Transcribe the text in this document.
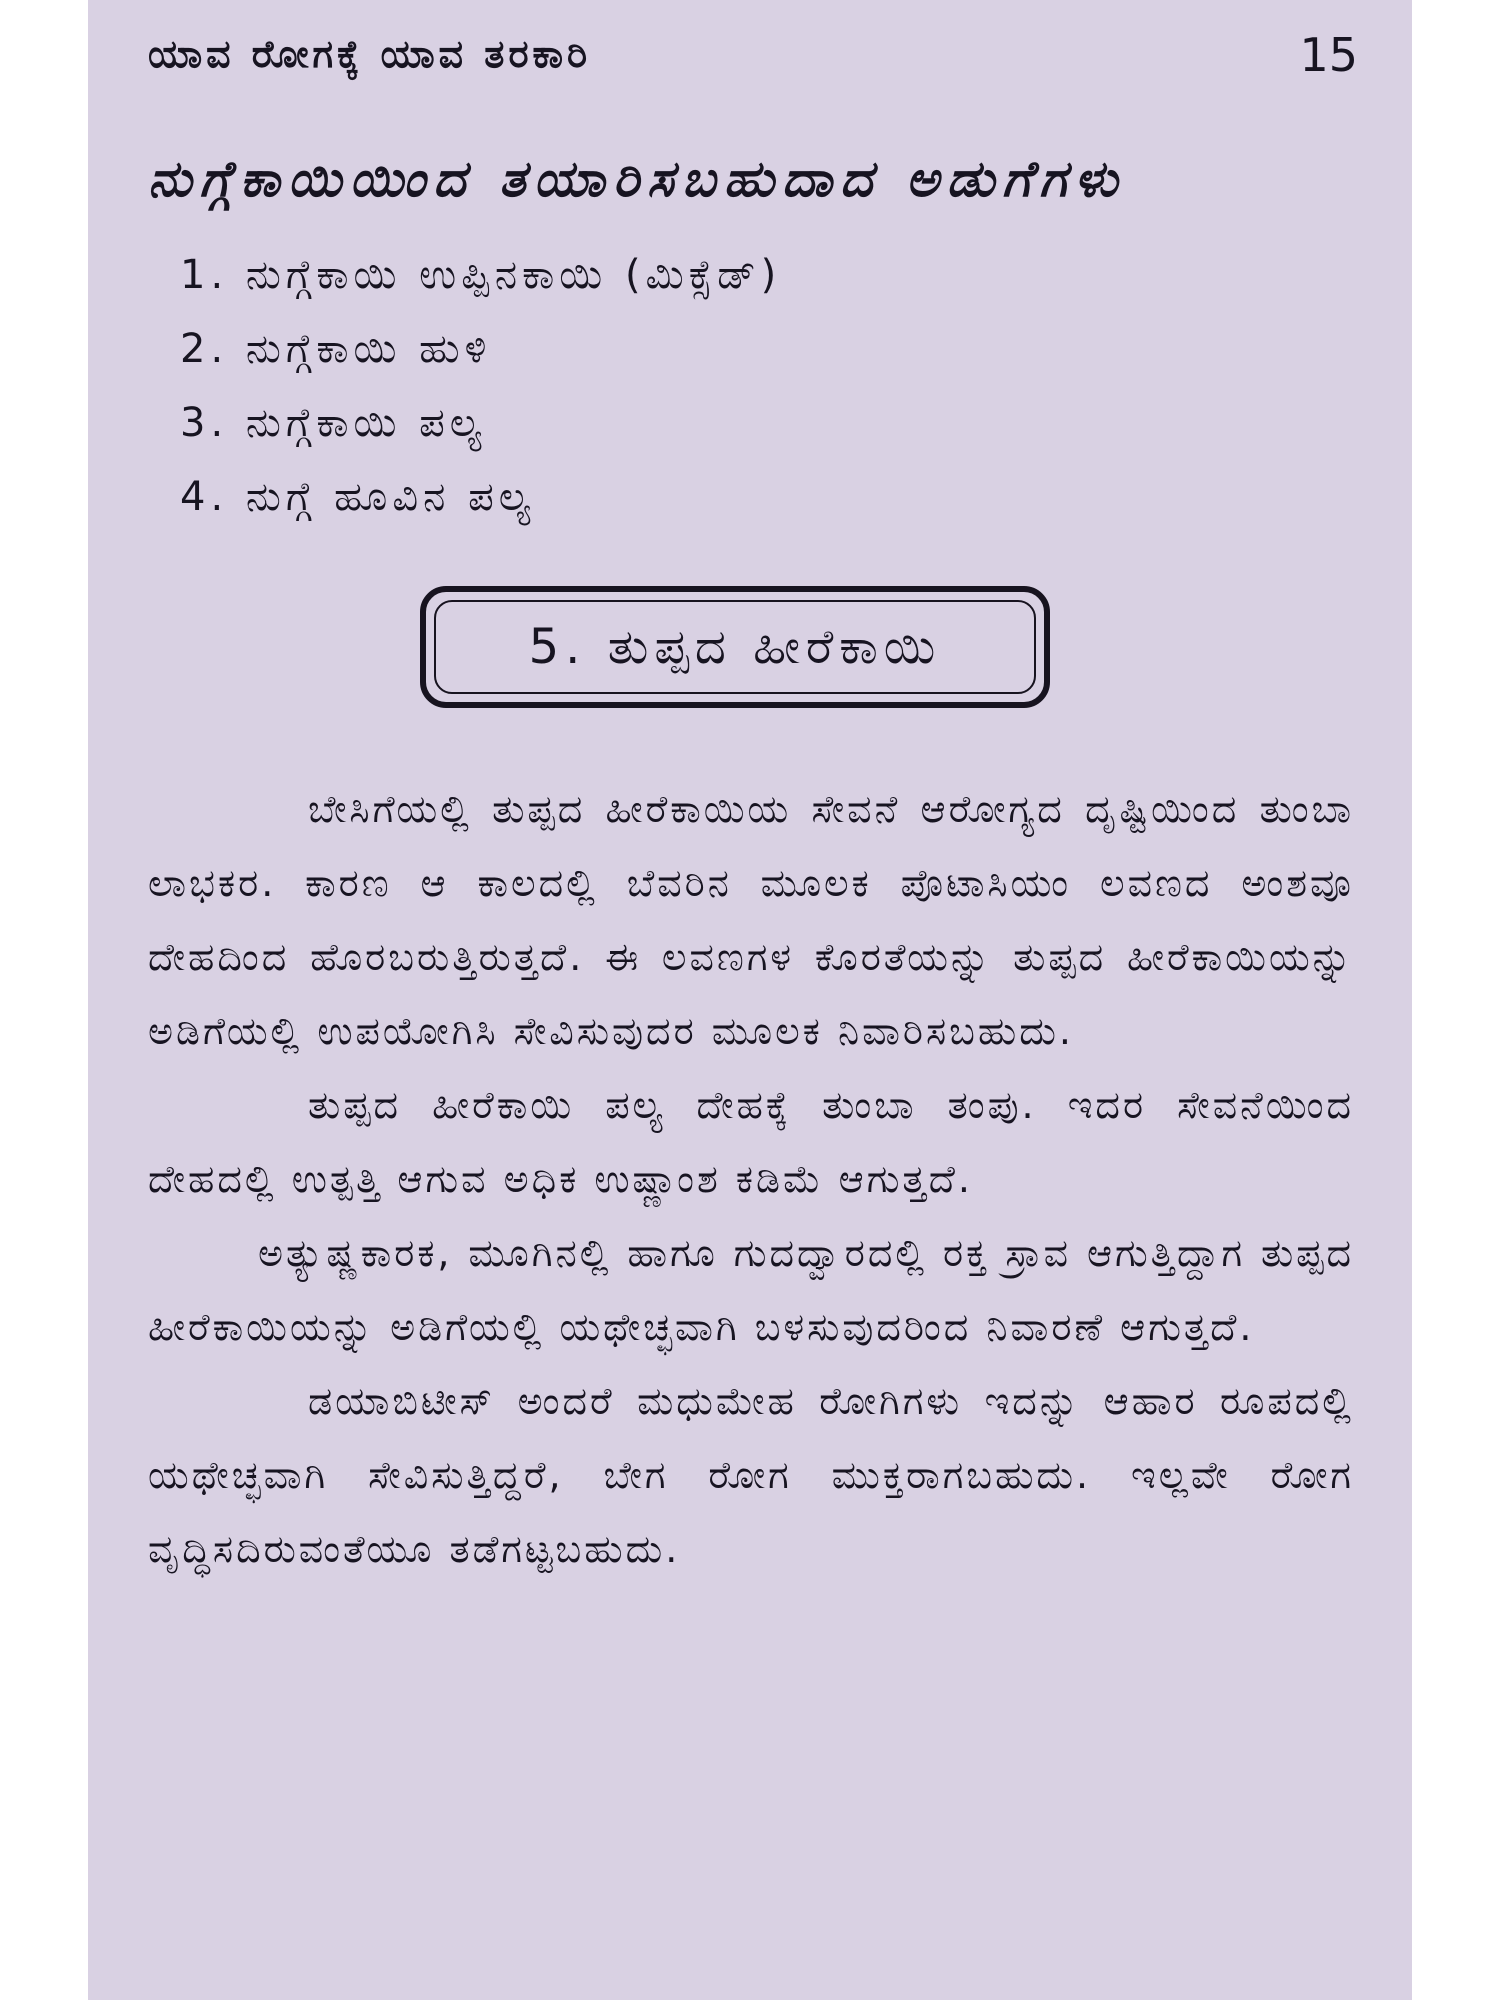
ಯಾವ ರೋಗಕ್ಕೆ ಯಾವ ತರಕಾರಿ	15
ನುಗ್ಗೆಕಾಯಿಯಿಂದ ತಯಾರಿಸಬಹುದಾದ ಅಡುಗೆಗಳು
1. ನುಗ್ಗೆಕಾಯಿ ಉಪ್ಪಿನಕಾಯಿ (ಮಿಕ್ಸೆಡ್)
2. ನುಗ್ಗೆಕಾಯಿ ಹುಳಿ
3. ನುಗ್ಗೆಕಾಯಿ ಪಲ್ಯ
4. ನುಗ್ಗೆ ಹೂವಿನ ಪಲ್ಯ
5. ತುಪ್ಪದ ಹೀರೆಕಾಯಿ

ಬೇಸಿಗೆಯಲ್ಲಿ ತುಪ್ಪದ ಹೀರೆಕಾಯಿಯ ಸೇವನೆ ಆರೋಗ್ಯದ ದೃಷ್ಟಿಯಿಂದ ತುಂಬಾ ಲಾಭಕರ. ಕಾರಣ ಆ ಕಾಲದಲ್ಲಿ ಬೆವರಿನ ಮೂಲಕ ಪೊಟಾಸಿಯಂ ಲವಣದ ಅಂಶವೂ ದೇಹದಿಂದ ಹೊರಬರುತ್ತಿರುತ್ತದೆ. ಈ ಲವಣಗಳ ಕೊರತೆಯನ್ನು ತುಪ್ಪದ ಹೀರೆಕಾಯಿಯನ್ನು ಅಡಿಗೆಯಲ್ಲಿ ಉಪಯೋಗಿಸಿ ಸೇವಿಸುವುದರ ಮೂಲಕ ನಿವಾರಿಸಬಹುದು.

ತುಪ್ಪದ ಹೀರೆಕಾಯಿ ಪಲ್ಯ ದೇಹಕ್ಕೆ ತುಂಬಾ ತಂಪು. ಇದರ ಸೇವನೆಯಿಂದ ದೇಹದಲ್ಲಿ ಉತ್ಪತ್ತಿ ಆಗುವ ಅಧಿಕ ಉಷ್ಣಾಂಶ ಕಡಿಮೆ ಆಗುತ್ತದೆ.

ಅತ್ಯುಷ್ಣಕಾರಕ, ಮೂಗಿನಲ್ಲಿ ಹಾಗೂ ಗುದದ್ವಾರದಲ್ಲಿ ರಕ್ತ ಸ್ರಾವ ಆಗುತ್ತಿದ್ದಾಗ ತುಪ್ಪದ ಹೀರೆಕಾಯಿಯನ್ನು ಅಡಿಗೆಯಲ್ಲಿ ಯಥೇಚ್ಛವಾಗಿ ಬಳಸುವುದರಿಂದ ನಿವಾರಣೆ ಆಗುತ್ತದೆ.

ಡಯಾಬಿಟೀಸ್ ಅಂದರೆ ಮಧುಮೇಹ ರೋಗಿಗಳು ಇದನ್ನು ಆಹಾರ ರೂಪದಲ್ಲಿ ಯಥೇಚ್ಛವಾಗಿ ಸೇವಿಸುತ್ತಿದ್ದರೆ, ಬೇಗ ರೋಗ ಮುಕ್ತರಾಗಬಹುದು. ಇಲ್ಲವೇ ರೋಗ ವೃದ್ಧಿಸದಿರುವಂತೆಯೂ ತಡೆಗಟ್ಟಬಹುದು.
